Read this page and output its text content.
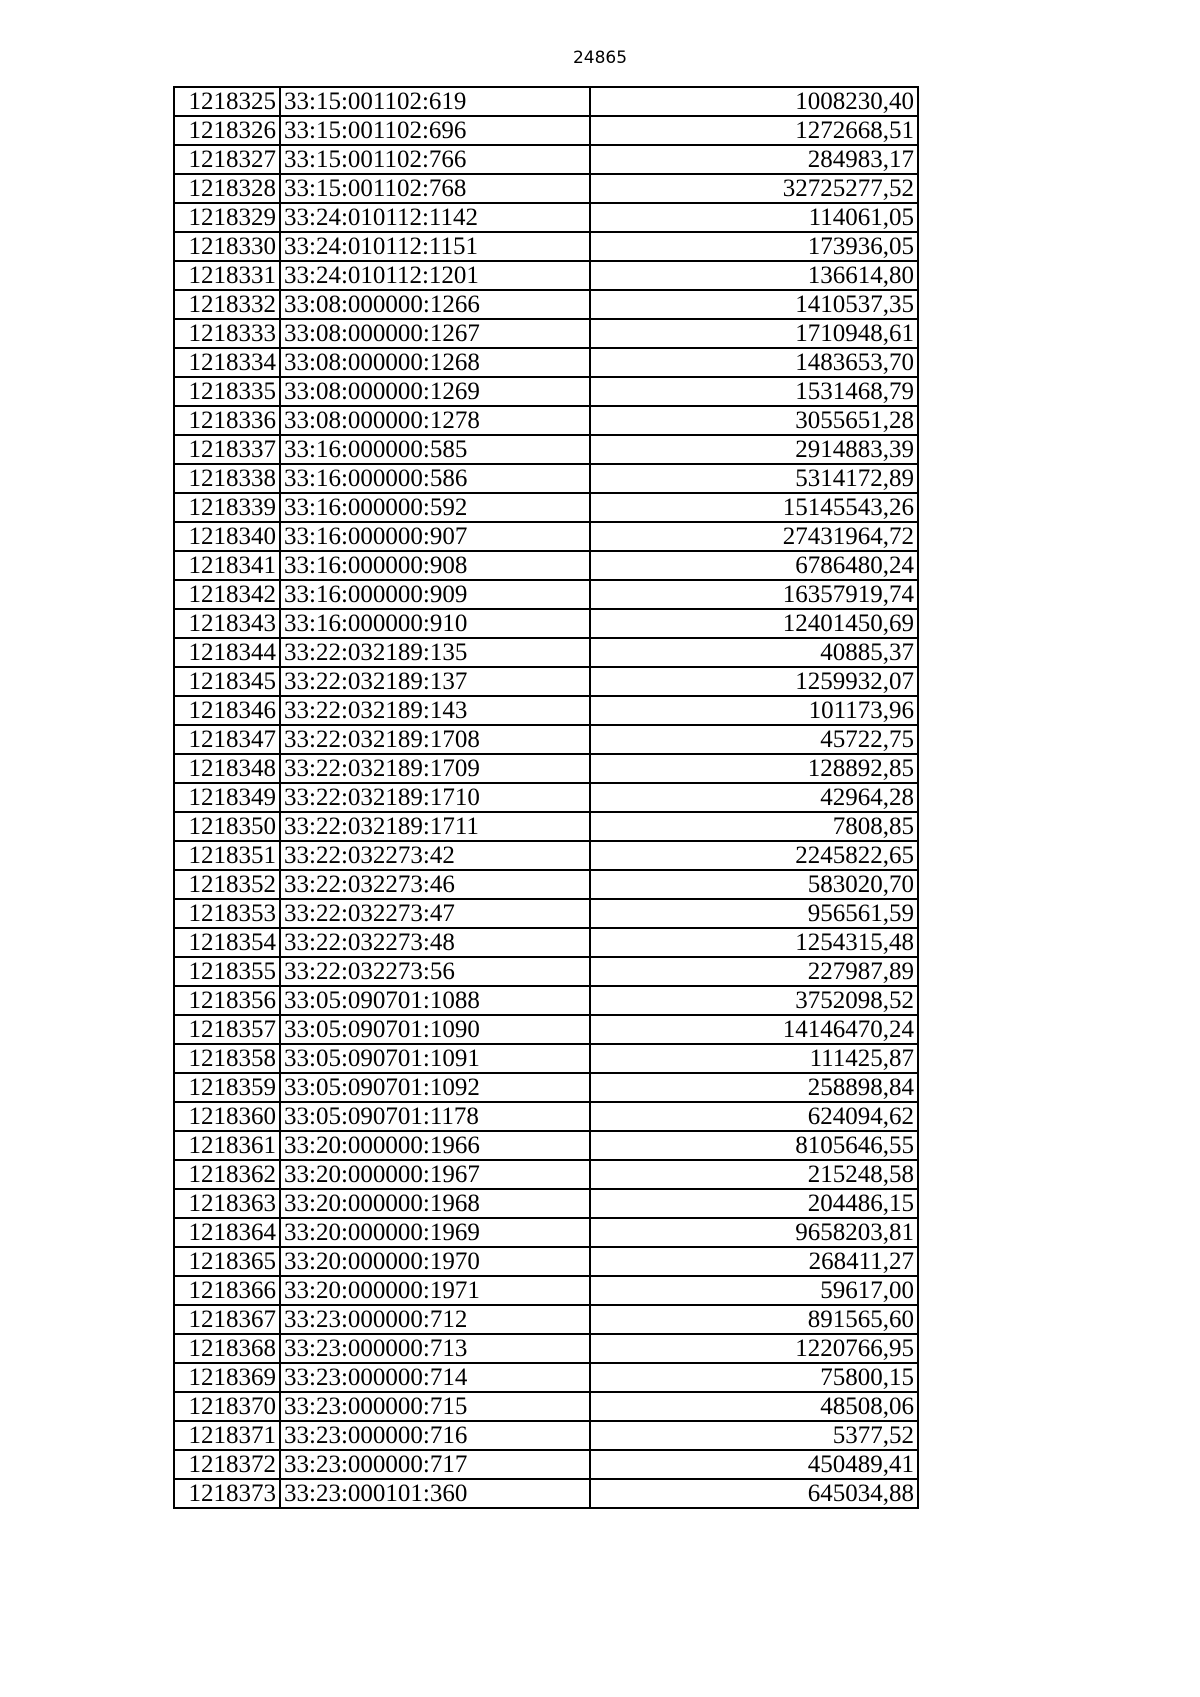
24865
1218325	33:15:001102:619	1008230,40
1218326	33:15:001102:696	1272668,51
1218327	33:15:001102:766	284983,17
1218328	33:15:001102:768	32725277,52
1218329	33:24:010112:1142	114061,05
1218330	33:24:010112:1151	173936,05
1218331	33:24:010112:1201	136614,80
1218332	33:08:000000:1266	1410537,35
1218333	33:08:000000:1267	1710948,61
1218334	33:08:000000:1268	1483653,70
1218335	33:08:000000:1269	1531468,79
1218336	33:08:000000:1278	3055651,28
1218337	33:16:000000:585	2914883,39
1218338	33:16:000000:586	5314172,89
1218339	33:16:000000:592	15145543,26
1218340	33:16:000000:907	27431964,72
1218341	33:16:000000:908	6786480,24
1218342	33:16:000000:909	16357919,74
1218343	33:16:000000:910	12401450,69
1218344	33:22:032189:135	40885,37
1218345	33:22:032189:137	1259932,07
1218346	33:22:032189:143	101173,96
1218347	33:22:032189:1708	45722,75
1218348	33:22:032189:1709	128892,85
1218349	33:22:032189:1710	42964,28
1218350	33:22:032189:1711	7808,85
1218351	33:22:032273:42	2245822,65
1218352	33:22:032273:46	583020,70
1218353	33:22:032273:47	956561,59
1218354	33:22:032273:48	1254315,48
1218355	33:22:032273:56	227987,89
1218356	33:05:090701:1088	3752098,52
1218357	33:05:090701:1090	14146470,24
1218358	33:05:090701:1091	111425,87
1218359	33:05:090701:1092	258898,84
1218360	33:05:090701:1178	624094,62
1218361	33:20:000000:1966	8105646,55
1218362	33:20:000000:1967	215248,58
1218363	33:20:000000:1968	204486,15
1218364	33:20:000000:1969	9658203,81
1218365	33:20:000000:1970	268411,27
1218366	33:20:000000:1971	59617,00
1218367	33:23:000000:712	891565,60
1218368	33:23:000000:713	1220766,95
1218369	33:23:000000:714	75800,15
1218370	33:23:000000:715	48508,06
1218371	33:23:000000:716	5377,52
1218372	33:23:000000:717	450489,41
1218373	33:23:000101:360	645034,88
